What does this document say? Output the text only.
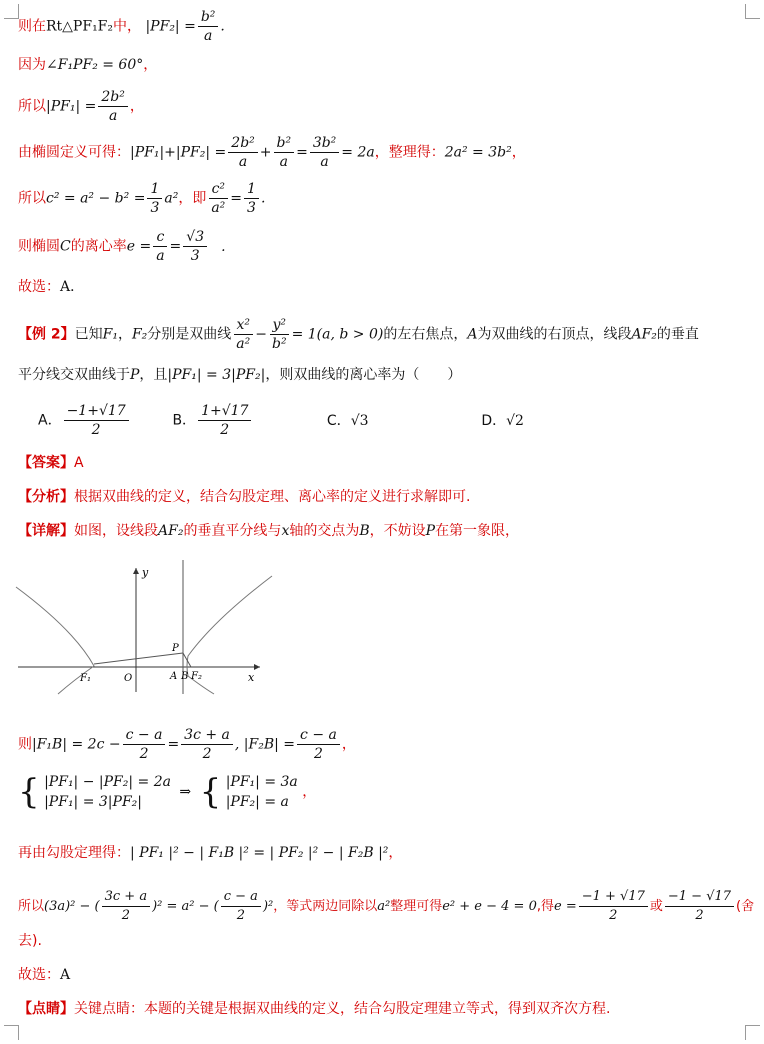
则在Rt△PF₁F₂中， $|PF_2| = \frac{\text{b²}}{a}$ .
因为∠F₁PF₂ = 60°，
所以$|PF_1| = \frac{\text{2b²}}{a}$ ，
由椭圆定义可得：$|PF_1|+|PF_2| = \frac{\text{2b²}}{a} + \frac{\text{b²}}{a} = \frac{\text{3b²}}{a} = 2a$，整理得：2a² = 3b²，
所以$c^2 = a^2 - b^2 = \frac{1}{3} a^2$，即 $\frac{\text{c²}}{\text{a²}} = \frac{1}{3}$ .
则椭圆C的离心率$e = \frac{c}{a} = \frac{√3}{3}$ .
故选：A．
【例 2】已知F₁，F₂分别是双曲线 $\frac{\text{x²}}{\text{a²}} - \frac{\text{y²}}{\text{b²}} = 1(a$, b > 0)的左右焦点，A为双曲线的右顶点，线段AF₂的垂直
平分线交双曲线于P，且|PF₁| = 3|PF₂|，则双曲线的离心率为（　　）
A． $\frac{-1+√17}{2}$	B． $\frac{1+√17}{2}$	C．√3	D．√2
【答案】A
【分析】根据双曲线的定义，结合勾股定理、离心率的定义进行求解即可.
【详解】如图，设线段AF₂的垂直平分线与x轴的交点为B，不妨设P在第一象限，
y
x
O
P
F₁	A B F₂
则$|F_1B| = 2c - \frac{c - a}{2} = \frac{3c + a}{2}$ , $|F_2B| = \frac{c - a}{2}$ ，
{ |PF₁| − |PF₂| = 2a
|PF₁| = 3|PF₂|
⇒ { |PF₁| = 3a
|PF₂| = a
，
再由勾股定理得：| PF₁ |² − | F₁B |² = | PF₂ |² − | F₂B |²，
所以(3a)² − ( $\frac{3c + a}{2} )^2 = a^2$ − ( $\frac{c - a}{2} )^2$，等式两边同除以a²整理可得e² + e − 4 = 0,得$e = \frac{-1 + √17}{2}$ 或 $\frac{-1 - √17}{2}$ (舍
去).
故选：A
【点睛】关键点睛：本题的关键是根据双曲线的定义，结合勾股定理建立等式，得到双齐次方程.
